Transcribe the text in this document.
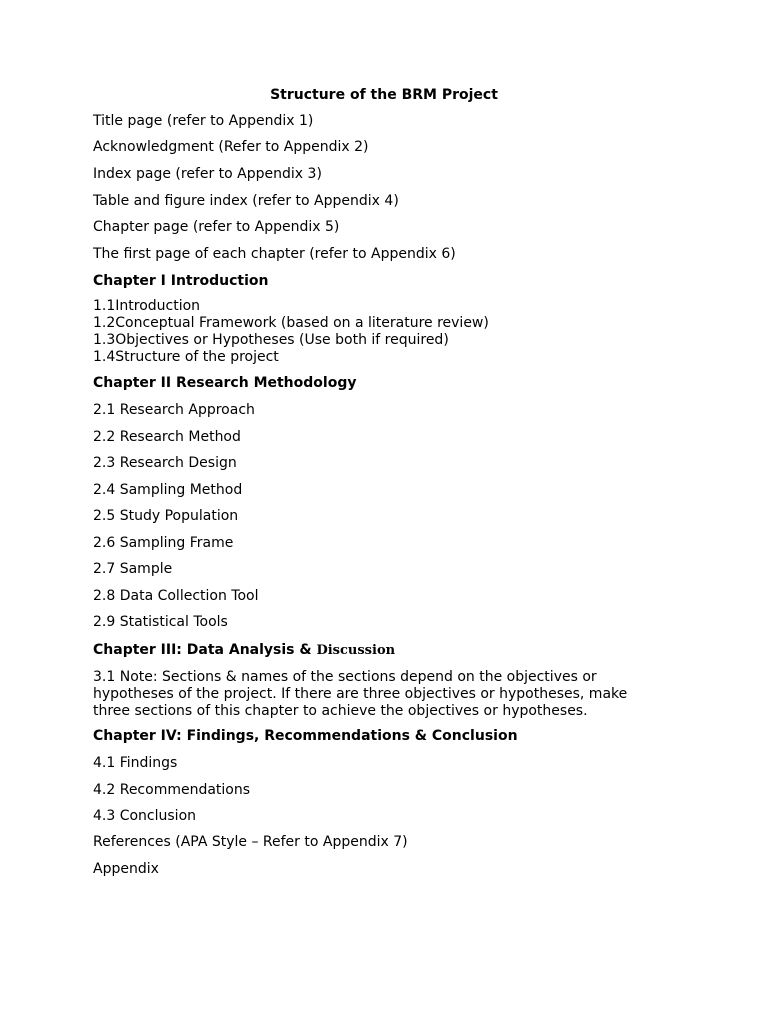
Structure of the BRM Project
Title page (refer to Appendix 1)
Acknowledgment (Refer to Appendix 2)
Index page (refer to Appendix 3)
Table and figure index (refer to Appendix 4)
Chapter page (refer to Appendix 5)
The first page of each chapter (refer to Appendix 6)
Chapter I Introduction
1.1Introduction
1.2Conceptual Framework (based on a literature review)
1.3Objectives or Hypotheses (Use both if required)
1.4Structure of the project
Chapter II Research Methodology
2.1 Research Approach
2.2 Research Method
2.3 Research Design
2.4 Sampling Method
2.5 Study Population
2.6 Sampling Frame
2.7 Sample
2.8 Data Collection Tool
2.9 Statistical Tools
Chapter III: Data Analysis & Discussion
3.1 Note: Sections & names of the sections depend on the objectives or hypotheses of the project. If there are three objectives or hypotheses, make three sections of this chapter to achieve the objectives or hypotheses.
Chapter IV: Findings, Recommendations & Conclusion
4.1 Findings
4.2 Recommendations
4.3 Conclusion
References (APA Style – Refer to Appendix 7)
Appendix
